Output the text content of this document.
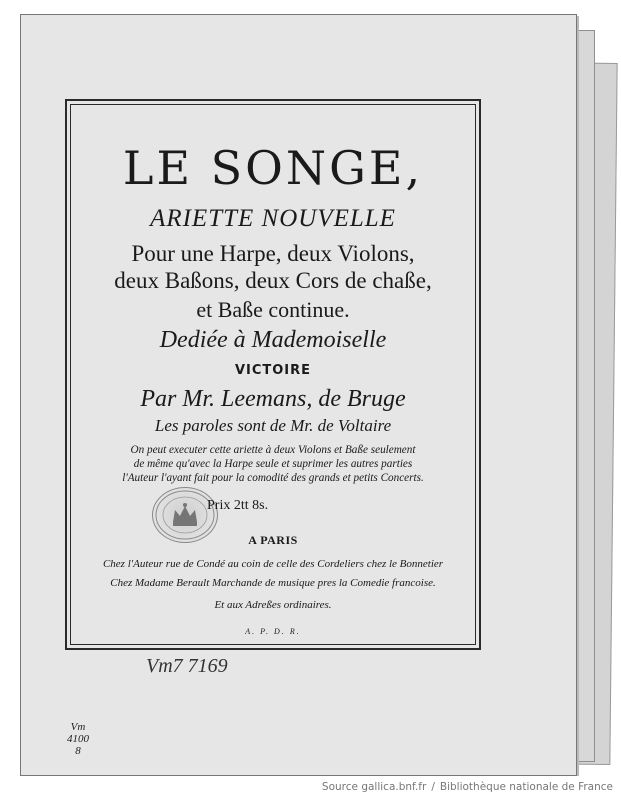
LE SONGE,
ARIETTE NOUVELLE
Pour une Harpe, deux Violons,
deux Baßons, deux Cors de chaße,
et Baße continue.
Dediée à Mademoiselle
VICTOIRE
Par Mr. Leemans, de Bruge
Les paroles sont de Mr. de Voltaire
On peut executer cette ariette à deux Violons et Baße seulement
de même qu'avec la Harpe seule et suprimer les autres parties
l'Auteur l'ayant fait pour la comodité des grands et petits Concerts.
Prix 2tt 8s.
A PARIS
Chez l'Auteur rue de Condé au coin de celle des Cordeliers chez le Bonnetier
Chez Madame Berault Marchande de musique pres la Comedie francoise.
Et aux Adreßes ordinaires.
A. P. D. R.
Vm7 7169
Vm
4100
8
Source gallica.bnf.fr / Bibliothèque nationale de France
